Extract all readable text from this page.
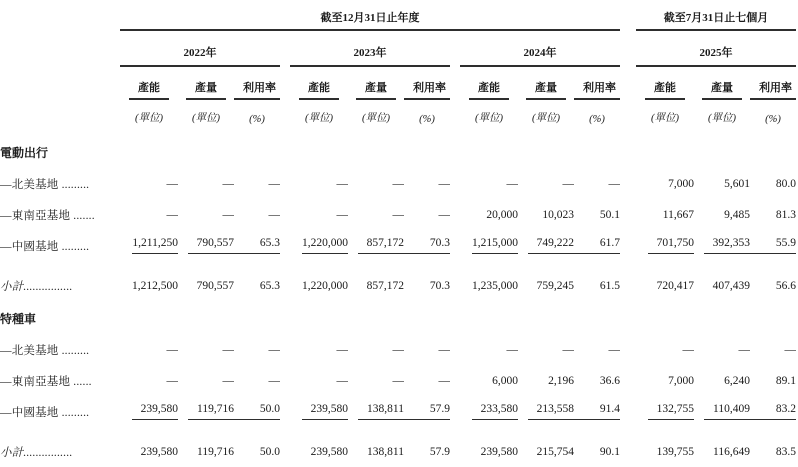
	截至12月31日止年度												截至7月31日止七個月		
	2022年				2023年				2024年				2025年		
	產能	產量	利用率		產能	產量	利用率		產能	產量	利用率		產能	產量	利用率
	(單位)	(單位)	(%)		(單位)	(單位)	(%)		(單位)	(單位)	(%)		(單位)	(單位)	(%)
電動出行															
—北美基地 .........	—	—	—		—	—	—		—	—	—		7,000	5,601	80.0
—東南亞基地 .......	—	—	—		—	—	—		20,000	10,023	50.1		11,667	9,485	81.3
—中國基地 .........	1,211,250	790,557	65.3		1,220,000	857,172	70.3		1,215,000	749,222	61.7		701,750	392,353	55.9
小計................	1,212,500	790,557	65.3		1,220,000	857,172	70.3		1,235,000	759,245	61.5		720,417	407,439	56.6
特種車															
—北美基地 .........	—	—	—		—	—	—		—	—	—		—	—	—
—東南亞基地 ......	—	—	—		—	—	—		6,000	2,196	36.6		7,000	6,240	89.1
—中國基地 .........	239,580	119,716	50.0		239,580	138,811	57.9		233,580	213,558	91.4		132,755	110,409	83.2
小計................	239,580	119,716	50.0		239,580	138,811	57.9		239,580	215,754	90.1		139,755	116,649	83.5
